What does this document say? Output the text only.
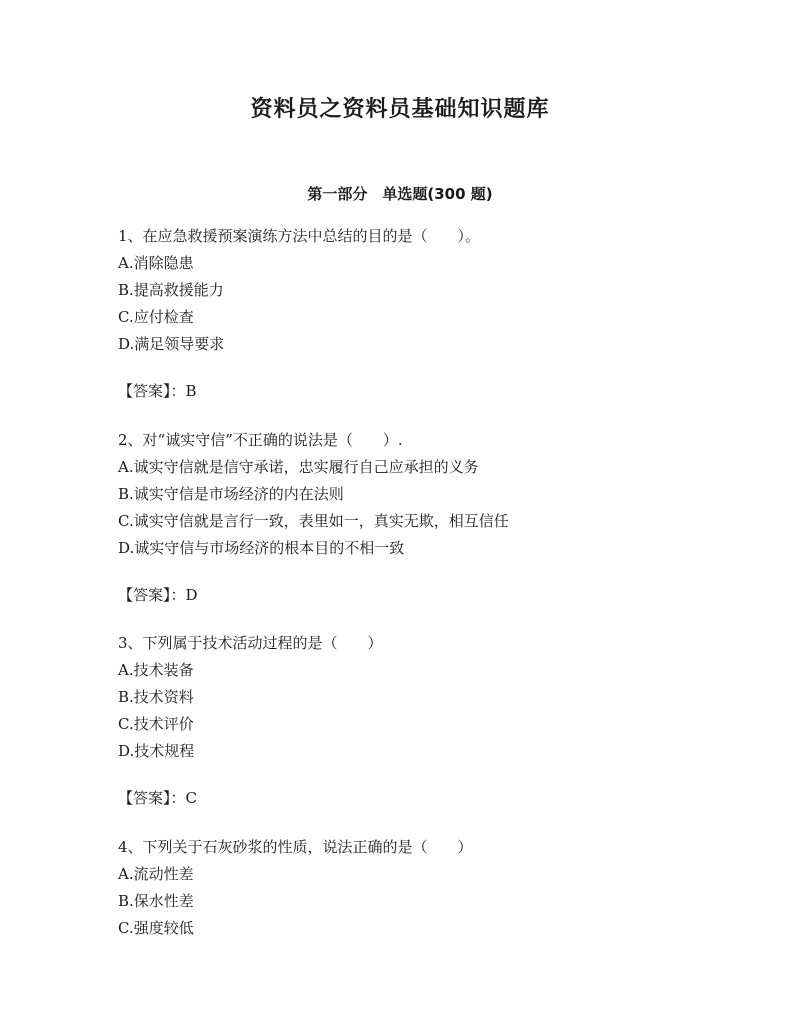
资料员之资料员基础知识题库
第一部分　单选题(300 题)
1、在应急救援预案演练方法中总结的目的是（　　）。
A.消除隐患
B.提高救援能力
C.应付检查
D.满足领导要求
【答案】：B
2、对“诚实守信”不正确的说法是（　　）.
A.诚实守信就是信守承诺，忠实履行自己应承担的义务
B.诚实守信是市场经济的内在法则
C.诚实守信就是言行一致，表里如一，真实无欺，相互信任
D.诚实守信与市场经济的根本目的不相一致
【答案】：D
3、下列属于技术活动过程的是（　　）
A.技术装备
B.技术资料
C.技术评价
D.技术规程
【答案】：C
4、下列关于石灰砂浆的性质，说法正确的是（　　）
A.流动性差
B.保水性差
C.强度较低
